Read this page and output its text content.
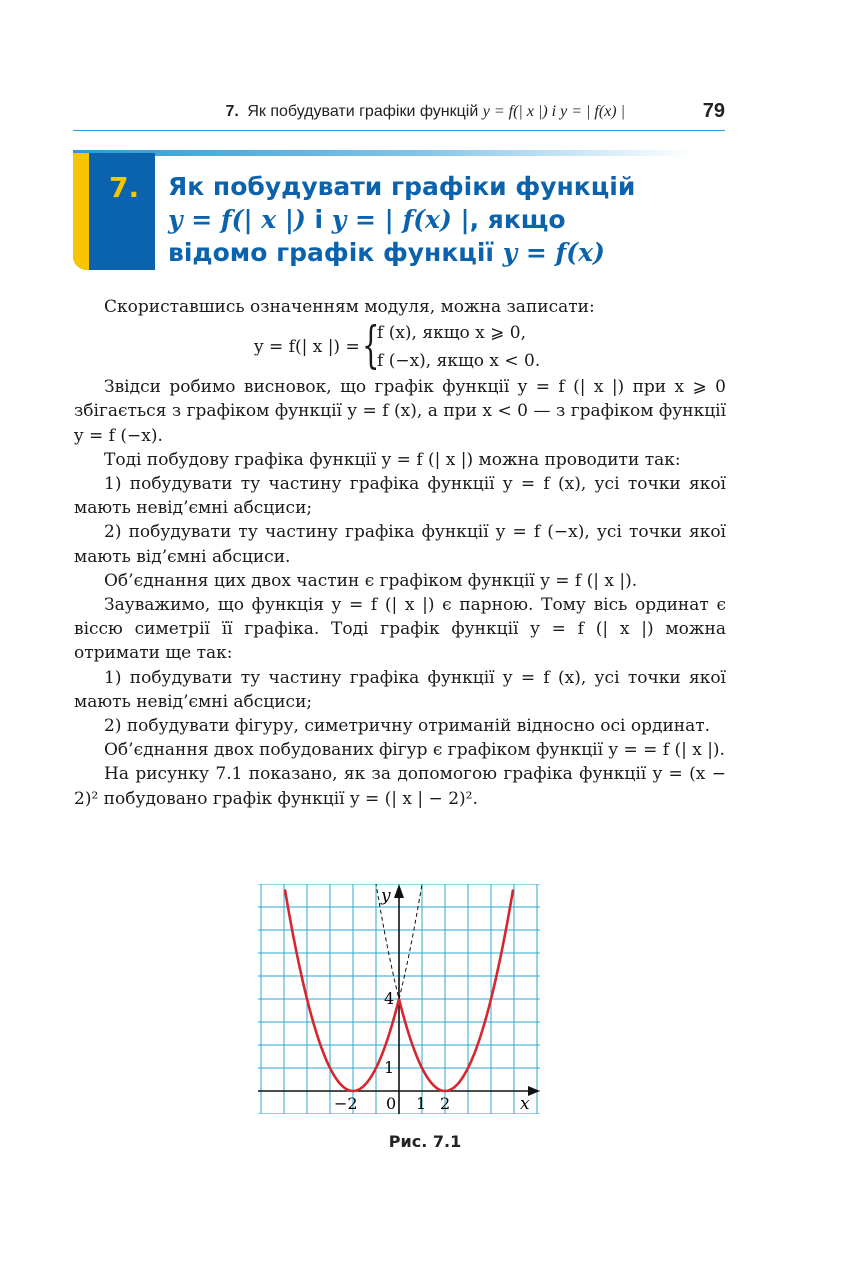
7. Як побудувати графіки функцій y = f(| x |) і y = | f(x) |	79
7. Як побудувати графіки функцій
y = f(| x |) і y = | f(x) |, якщо
відомо графік функції y = f(x)

Скориставшись означенням модуля, можна записати:

y = f(| x |) = {
f (x), якщо x ⩾ 0,
f (−x), якщо x < 0.

Звідси робимо висновок, що графік функції y = f (| x |) при x ⩾ 0 збігається з графіком функції y = f (x), а при x < 0 — з графіком функції y = f (−x).

Тоді побудову графіка функції y = f (| x |) можна проводити так:

1) побудувати ту частину графіка функції y = f (x), усі точки якої мають невід’ємні абсциси;

2) побудувати ту частину графіка функції y = f (−x), усі точки якої мають від’ємні абсциси.

Об’єднання цих двох частин є графіком функції y = f (| x |).

Зауважимо, що функція y = f (| x |) є парною. Тому вісь ординат є віссю симетрії її графіка. Тоді графік функції y = f (| x |) можна отримати ще так:

1) побудувати ту частину графіка функції y = f (x), усі точки якої мають невід’ємні абсциси;

2) побудувати фігуру, симетричну отриманій відносно осі ординат.

Об’єднання двох побудованих фігур є графіком функції y = = f (| x |).

На рисунку 7.1 показано, як за допомогою графіка функції y = (x − 2)² побудовано графік функції y = (| x | − 2)².

y
x
4
1
−2 0 1 2
Рис. 7.1
